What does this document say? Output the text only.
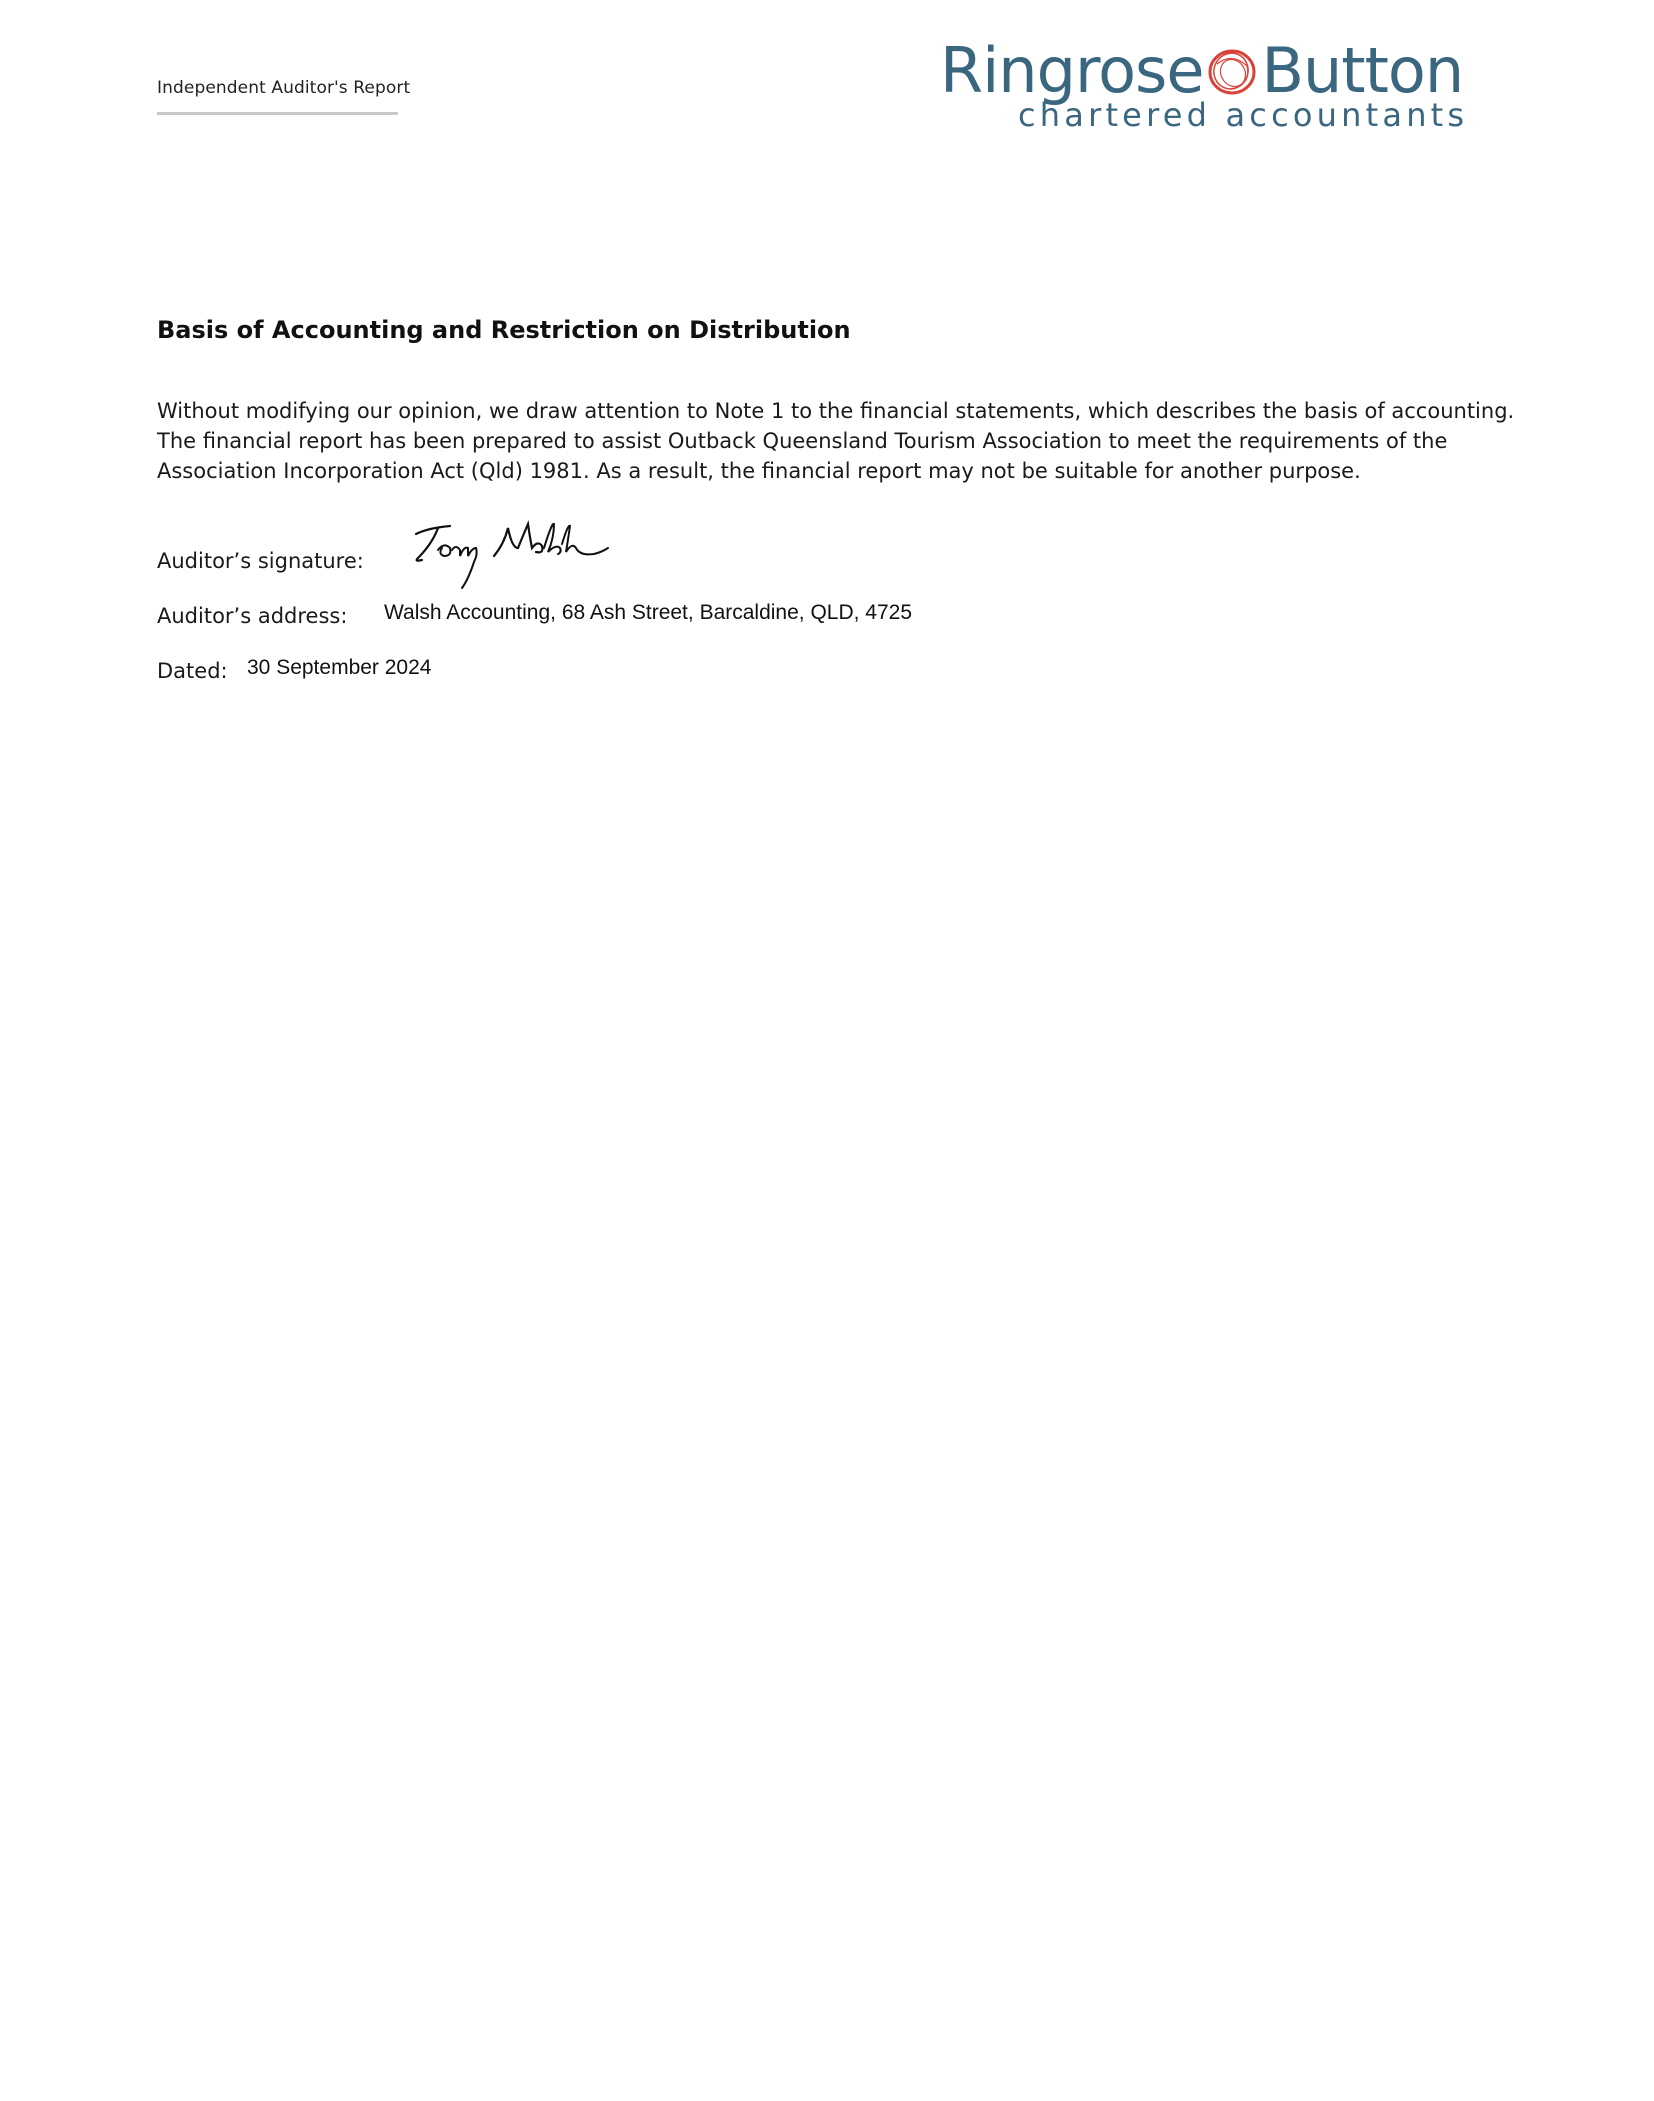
Independent Auditor's Report	Ringrose Button
chartered accountants
Basis of Accounting and Restriction on Distribution
Without modifying our opinion, we draw attention to Note 1 to the financial statements, which describes the basis of accounting.
The financial report has been prepared to assist Outback Queensland Tourism Association to meet the requirements of the
Association Incorporation Act (Qld) 1981. As a result, the financial report may not be suitable for another purpose.
Auditor’s signature:
Auditor’s address: Walsh Accounting, 68 Ash Street, Barcaldine, QLD, 4725
Dated: 30 September 2024
